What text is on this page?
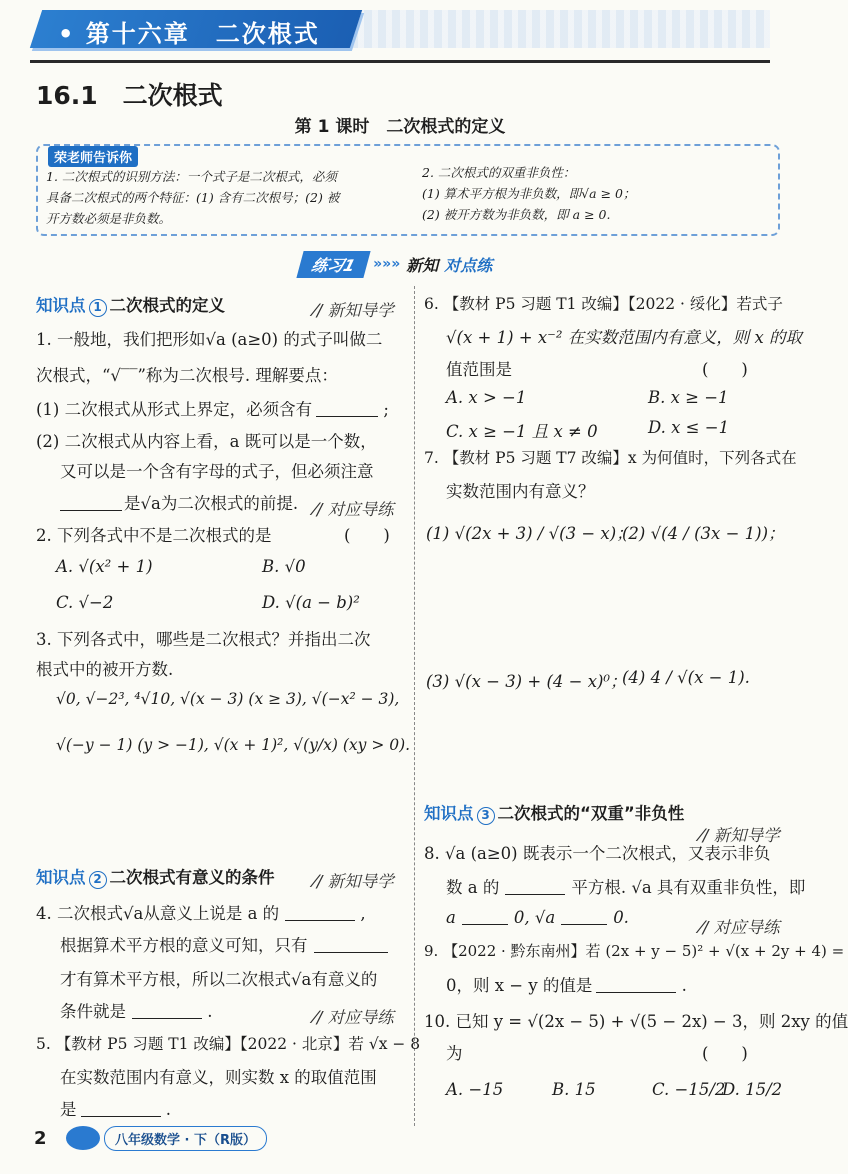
• 第十六章　二次根式
16.1　二次根式
第 1 课时　二次根式的定义
荣老师告诉你
1. 二次根式的识别方法：一个式子是二次根式，必须
具备二次根式的两个特征：(1) 含有二次根号；(2) 被
开方数必须是非负数。
2. 二次根式的双重非负性：
(1) 算术平方根为非负数，即√a ≥ 0；
(2) 被开方数为非负数，即 a ≥ 0.
练习1	»»» 新知 对点练
知识点 1 二次根式的定义	⁄∕ 新知导学
1. 一般地，我们把形如√a (a≥0) 的式子叫做二
次根式，“√‾‾”称为二次根号. 理解要点：
(1) 二次根式从形式上界定，必须含有	;
(2) 二次根式从内容上看，a 既可以是一个数，
又可以是一个含有字母的式子，但必须注意
是√a为二次根式的前提. ⁄∕ 对应导练
2. 下列各式中不是二次根式的是	(　　)
A. √(x² + 1)	B. √0
C. √−2	D. √(a − b)²
3. 下列各式中，哪些是二次根式？并指出二次
根式中的被开方数.
√0, √−2³, ⁴√10, √(x − 3) (x ≥ 3), √(−x² − 3),
√(−y − 1) (y > −1), √(x + 1)², √(y/x) (xy > 0).
知识点 2 二次根式有意义的条件 ⁄∕ 新知导学
4. 二次根式√a从意义上说是 a 的	,
根据算术平方根的意义可知，只有
才有算术平方根，所以二次根式√a有意义的
条件就是	.	⁄∕ 对应导练
5. 【教材 P5 习题 T1 改编】【2022 · 北京】若 √x − 8
在实数范围内有意义，则实数 x 的取值范围
是	.
6. 【教材 P5 习题 T1 改编】【2022 · 绥化】若式子
√(x + 1) + x⁻² 在实数范围内有意义，则 x 的取
值范围是	(　　)
A. x > −1	B. x ≥ −1
C. x ≥ −1 且 x ≠ 0	D. x ≤ −1
7. 【教材 P5 习题 T7 改编】x 为何值时，下列各式在
实数范围内有意义？
(1) √(2x + 3) / √(3 − x)；
(2) √(4 / (3x − 1))；
(3) √(x − 3) + (4 − x)⁰；
(4) 4 / √(x − 1).
知识点 3 二次根式的“双重”非负性
⁄∕ 新知导学
8. √a (a≥0) 既表示一个二次根式，又表示非负
数 a 的	平方根. √a 具有双重非负性，即
a	0, √a	0.
⁄∕ 对应导练
9. 【2022 · 黔东南州】若 (2x + y − 5)² + √(x + 2y + 4) =
0，则 x − y 的值是	.
10. 已知 y = √(2x − 5) + √(5 − 2x) − 3，则 2xy 的值
为	(　　)
A. −15	B. 15	C. −15/2
D. 15/2
2	八年级数学 · 下（R版）
